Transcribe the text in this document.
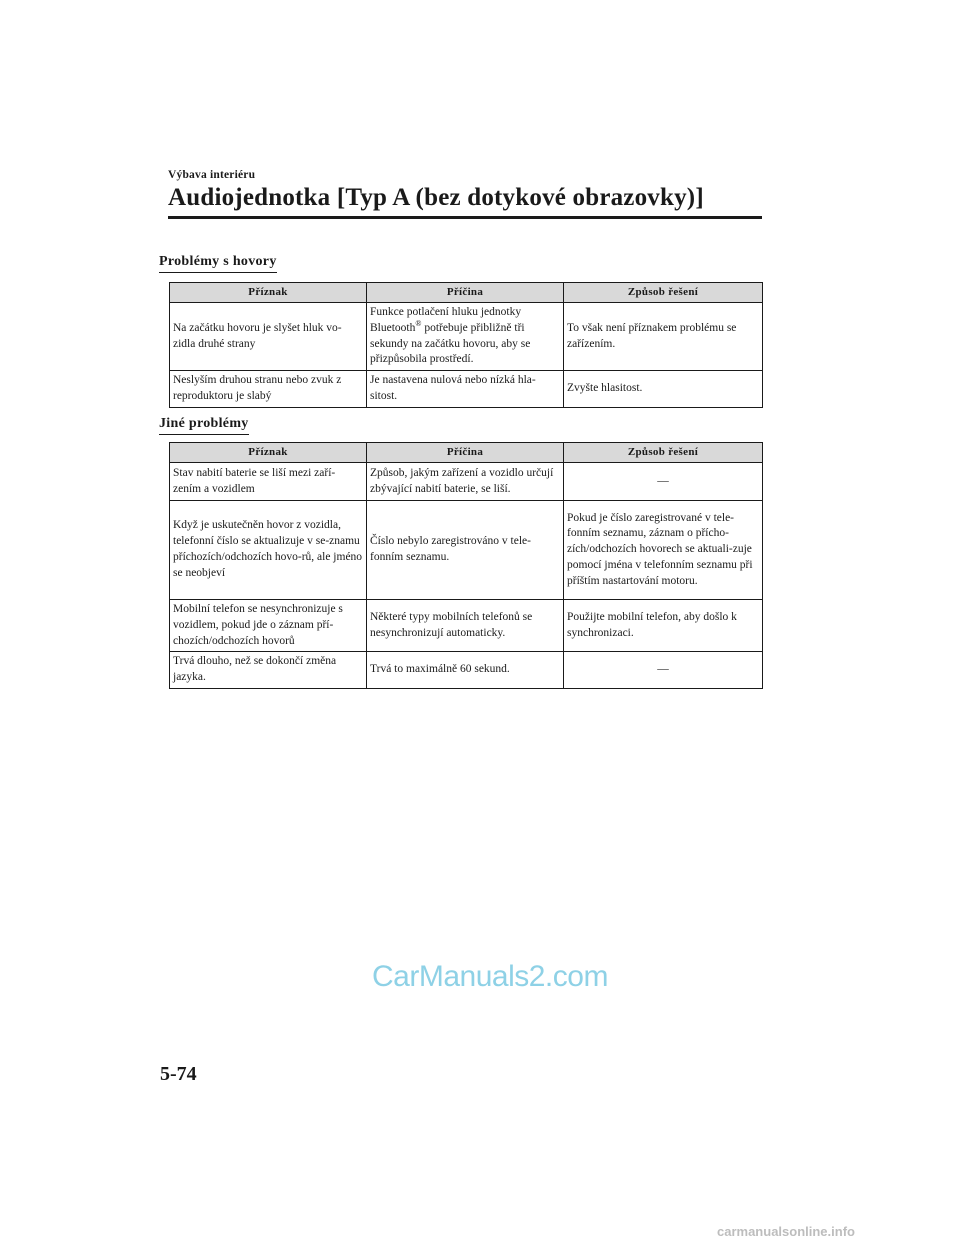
Výbava interiéru
Audiojednotka [Typ A (bez dotykové obrazovky)]
Problémy s hovory
Příznak	Příčina	Způsob řešení
Na začátku hovoru je slyšet hluk vo-zidla druhé strany	Funkce potlačení hluku jednotky Bluetooth® potřebuje přibližně tři sekundy na začátku hovoru, aby se přizpůsobila prostředí.	To však není příznakem problému se zařízením.
Neslyším druhou stranu nebo zvuk z reproduktoru je slabý	Je nastavena nulová nebo nízká hla-sitost.	Zvyšte hlasitost.
Jiné problémy
Příznak	Příčina	Způsob řešení
Stav nabití baterie se liší mezi zaří-zením a vozidlem	Způsob, jakým zařízení a vozidlo určují zbývající nabití baterie, se liší.	—
Když je uskutečněn hovor z vozidla, telefonní číslo se aktualizuje v se-znamu příchozích/odchozích hovo-rů, ale jméno se neobjeví	Číslo nebylo zaregistrováno v tele-fonním seznamu.	Pokud je číslo zaregistrované v tele-fonním seznamu, záznam o přícho-zích/odchozích hovorech se aktuali-zuje pomocí jména v telefonním seznamu při příštím nastartování motoru.
Mobilní telefon se nesynchronizuje s vozidlem, pokud jde o záznam pří-chozích/odchozích hovorů	Některé typy mobilních telefonů se nesynchronizují automaticky.	Použijte mobilní telefon, aby došlo k synchronizaci.
Trvá dlouho, než se dokončí změna jazyka.	Trvá to maximálně 60 sekund.	—
CarManuals2.com
5-74
carmanualsonline.info
